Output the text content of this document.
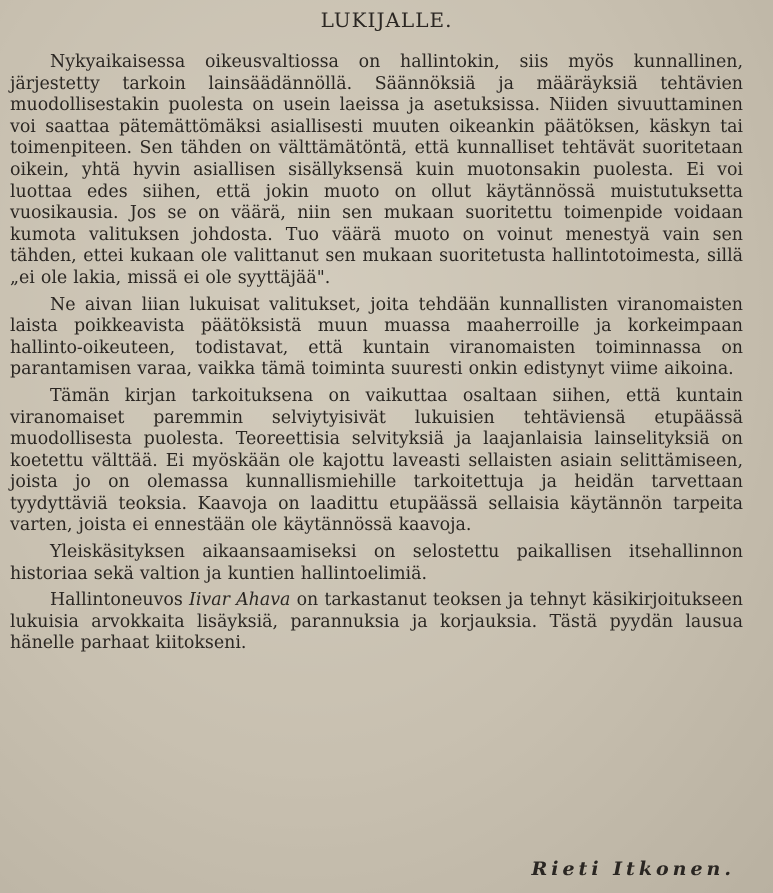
LUKIJALLE.

Nykyaikaisessa oikeusvaltiossa on hallintokin, siis myös kunnallinen, järjestetty tarkoin lainsäädännöllä. Säännöksiä ja määräyksiä tehtävien muodollisestakin puolesta on usein laeissa ja asetuksissa. Niiden sivuuttaminen voi saattaa pätemättömäksi asiallisesti muuten oikeankin päätöksen, käskyn tai toimenpiteen. Sen tähden on välttämätöntä, että kunnalliset tehtävät suoritetaan oikein, yhtä hyvin asiallisen sisällyksensä kuin muotonsakin puolesta. Ei voi luottaa edes siihen, että jokin muoto on ollut käytännössä muistutuksetta vuosikausia. Jos se on väärä, niin sen mukaan suoritettu toimenpide voidaan kumota valituksen johdosta. Tuo väärä muoto on voinut menestyä vain sen tähden, ettei kukaan ole valittanut sen mukaan suoritetusta hallintotoimesta, sillä „ei ole lakia, missä ei ole syyttäjää".

Ne aivan liian lukuisat valitukset, joita tehdään kunnallisten viranomaisten laista poikkeavista päätöksistä muun muassa maaherroille ja korkeimpaan hallinto-oikeuteen, todistavat, että kuntain viranomaisten toiminnassa on parantamisen varaa, vaikka tämä toiminta suuresti onkin edistynyt viime aikoina.

Tämän kirjan tarkoituksena on vaikuttaa osaltaan siihen, että kuntain viranomaiset paremmin selviytyisivät lukuisien tehtäviensä etupäässä muodollisesta puolesta. Teoreettisia selvityksiä ja laajanlaisia lainselityksiä on koetettu välttää. Ei myöskään ole kajottu laveasti sellaisten asiain selittämiseen, joista jo on olemassa kunnallismiehille tarkoitettuja ja heidän tarvettaan tyydyttäviä teoksia. Kaavoja on laadittu etupäässä sellaisia käytännön tarpeita varten, joista ei ennestään ole käytännössä kaavoja.

Yleiskäsityksen aikaansaamiseksi on selostettu paikallisen itsehallinnon historiaa sekä valtion ja kuntien hallintoelimiä.

Hallintoneuvos Iivar Ahava on tarkastanut teoksen ja tehnyt käsikirjoitukseen lukuisia arvokkaita lisäyksiä, parannuksia ja korjauksia. Tästä pyydän lausua hänelle parhaat kiitokseni.

Rieti Itkonen.
